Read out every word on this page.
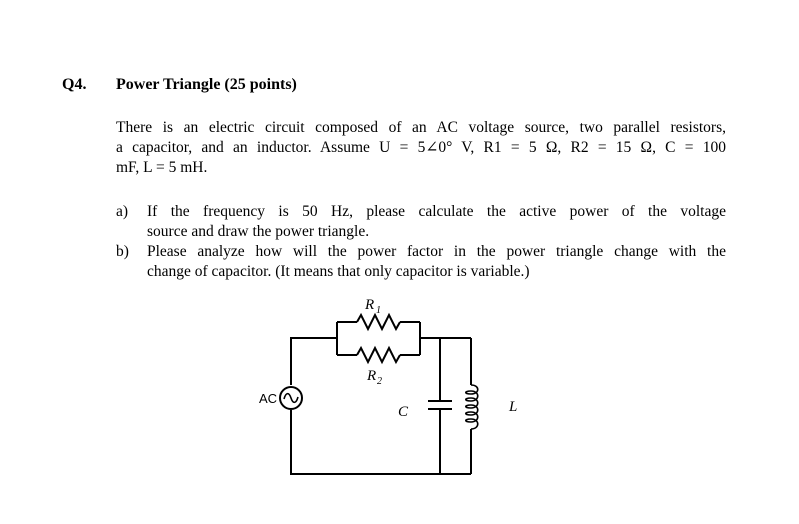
Q4. Power Triangle (25 points)
There is an electric circuit composed of an AC voltage source, two parallel resistors,
a capacitor, and an inductor. Assume U = 5∠0° V, R1 = 5 Ω, R2 = 15 Ω, C = 100
mF, L = 5 mH.
a) If the frequency is 50 Hz, please calculate the active power of the voltage
source and draw the power triangle.
b) Please analyze how will the power factor in the power triangle change with the
change of capacitor. (It means that only capacitor is variable.)
AC
R 1
R 2
C	L
